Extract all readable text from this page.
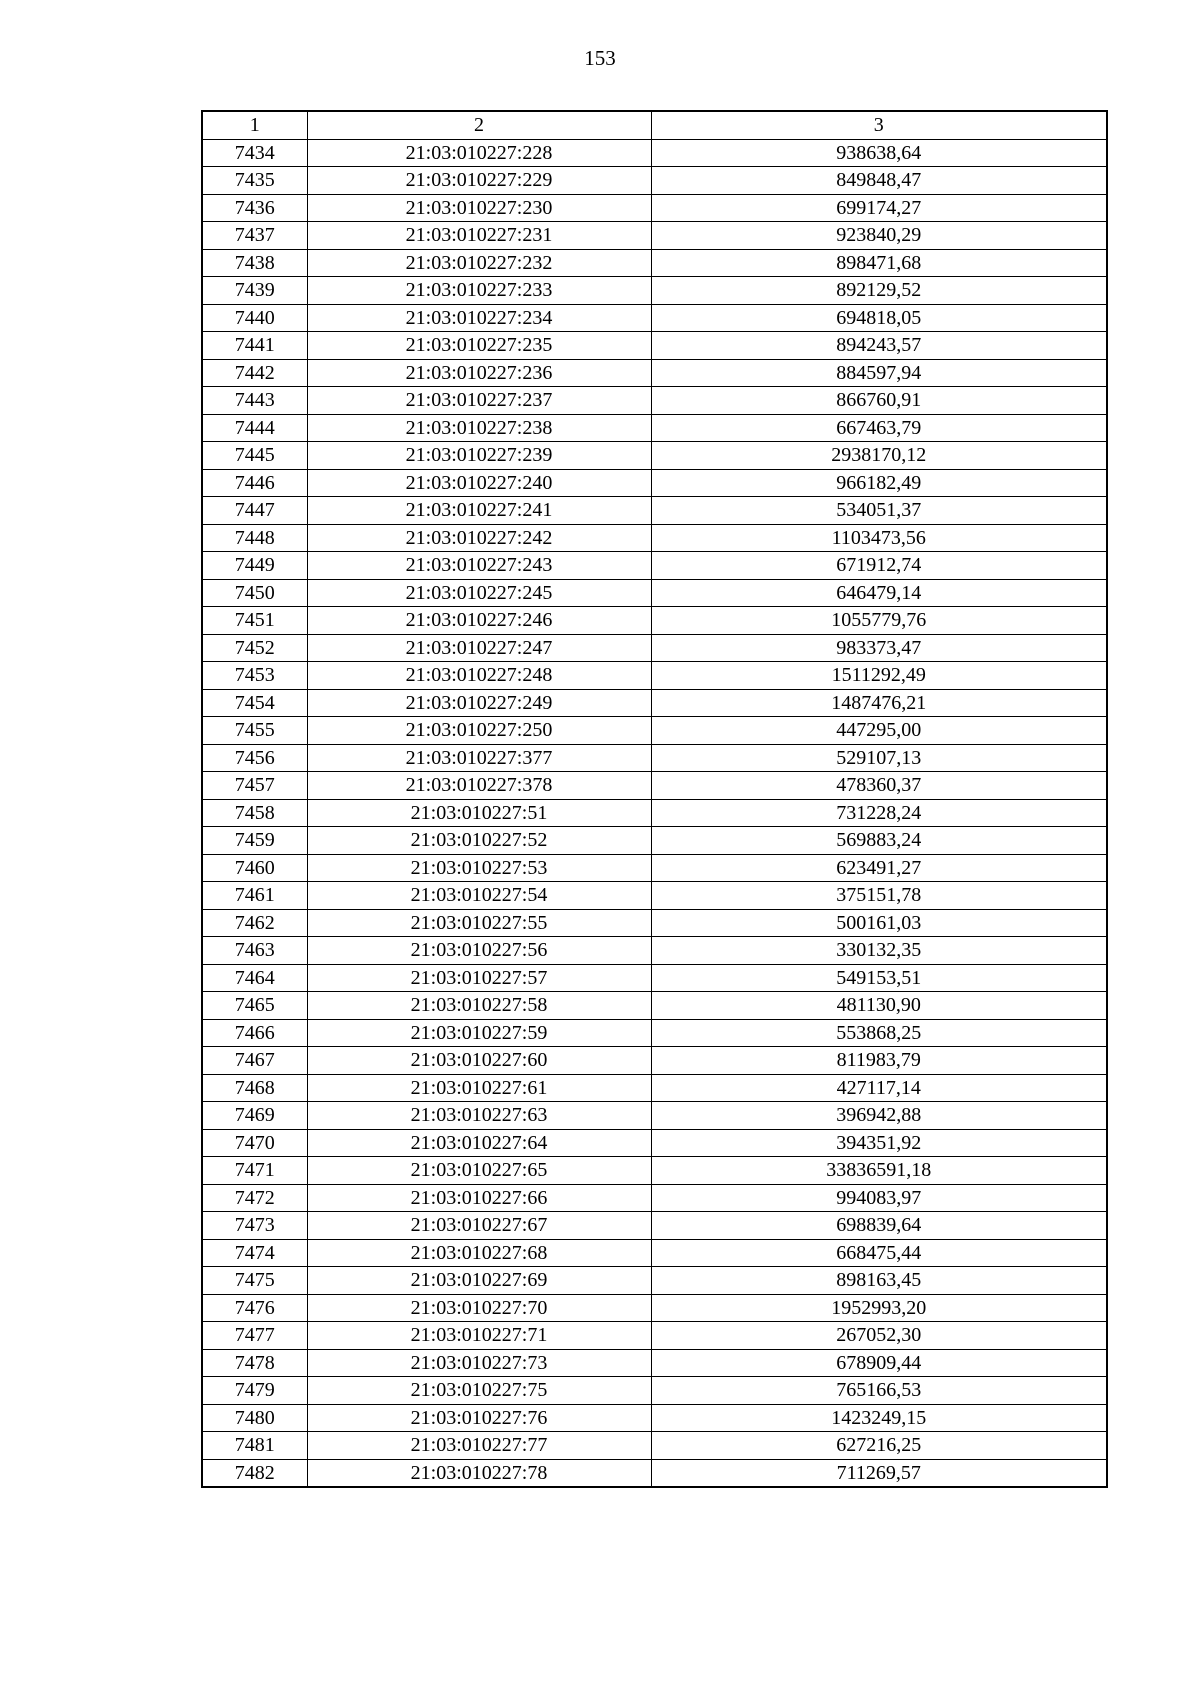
153
1	2	3
7434	21:03:010227:228	938638,64
7435	21:03:010227:229	849848,47
7436	21:03:010227:230	699174,27
7437	21:03:010227:231	923840,29
7438	21:03:010227:232	898471,68
7439	21:03:010227:233	892129,52
7440	21:03:010227:234	694818,05
7441	21:03:010227:235	894243,57
7442	21:03:010227:236	884597,94
7443	21:03:010227:237	866760,91
7444	21:03:010227:238	667463,79
7445	21:03:010227:239	2938170,12
7446	21:03:010227:240	966182,49
7447	21:03:010227:241	534051,37
7448	21:03:010227:242	1103473,56
7449	21:03:010227:243	671912,74
7450	21:03:010227:245	646479,14
7451	21:03:010227:246	1055779,76
7452	21:03:010227:247	983373,47
7453	21:03:010227:248	1511292,49
7454	21:03:010227:249	1487476,21
7455	21:03:010227:250	447295,00
7456	21:03:010227:377	529107,13
7457	21:03:010227:378	478360,37
7458	21:03:010227:51	731228,24
7459	21:03:010227:52	569883,24
7460	21:03:010227:53	623491,27
7461	21:03:010227:54	375151,78
7462	21:03:010227:55	500161,03
7463	21:03:010227:56	330132,35
7464	21:03:010227:57	549153,51
7465	21:03:010227:58	481130,90
7466	21:03:010227:59	553868,25
7467	21:03:010227:60	811983,79
7468	21:03:010227:61	427117,14
7469	21:03:010227:63	396942,88
7470	21:03:010227:64	394351,92
7471	21:03:010227:65	33836591,18
7472	21:03:010227:66	994083,97
7473	21:03:010227:67	698839,64
7474	21:03:010227:68	668475,44
7475	21:03:010227:69	898163,45
7476	21:03:010227:70	1952993,20
7477	21:03:010227:71	267052,30
7478	21:03:010227:73	678909,44
7479	21:03:010227:75	765166,53
7480	21:03:010227:76	1423249,15
7481	21:03:010227:77	627216,25
7482	21:03:010227:78	711269,57
